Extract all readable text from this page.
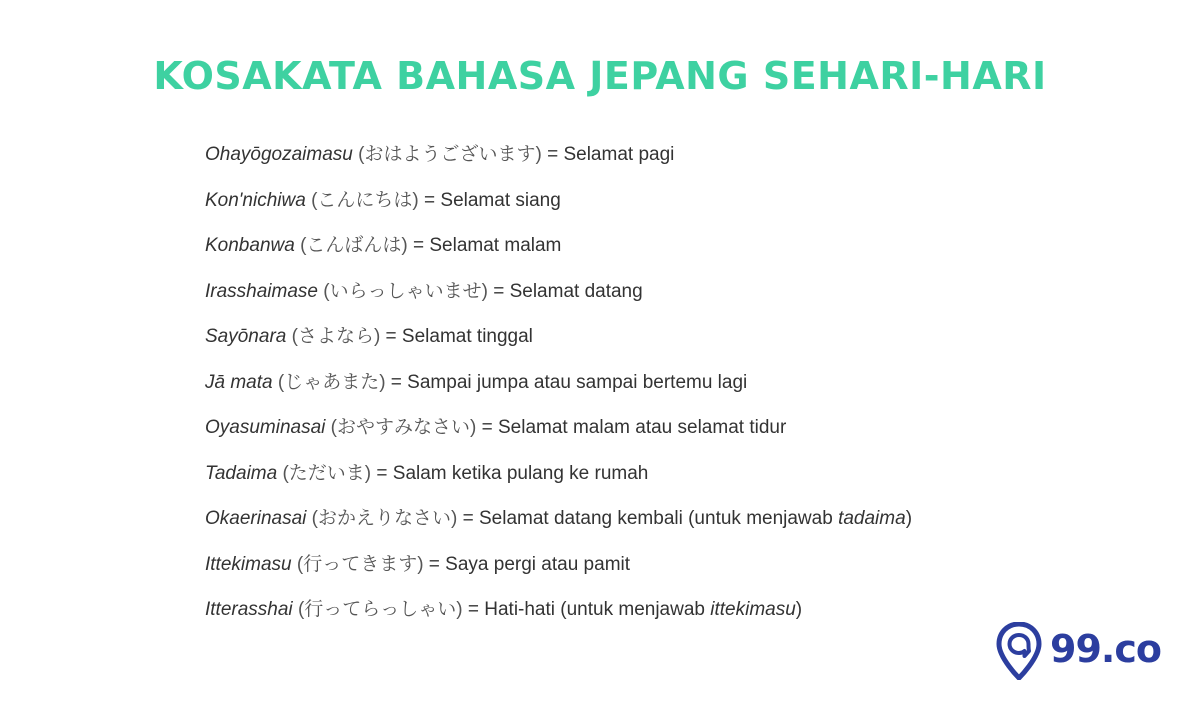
KOSAKATA BAHASA JEPANG SEHARI-HARI
Ohayōgozaimasu (おはようございます) = Selamat pagi
Kon'nichiwa (こんにちは) = Selamat siang
Konbanwa (こんばんは) = Selamat malam
Irasshaimase (いらっしゃいませ) = Selamat datang
Sayōnara (さよなら) = Selamat tinggal
Jā mata (じゃあまた) = Sampai jumpa atau sampai bertemu lagi
Oyasuminasai (おやすみなさい) = Selamat malam atau selamat tidur
Tadaima (ただいま) = Salam ketika pulang ke rumah
Okaerinasai (おかえりなさい) = Selamat datang kembali (untuk menjawab tadaima)
Ittekimasu (行ってきます) = Saya pergi atau pamit
Itterasshai (行ってらっしゃい) = Hati-hati (untuk menjawab ittekimasu)
99.co
